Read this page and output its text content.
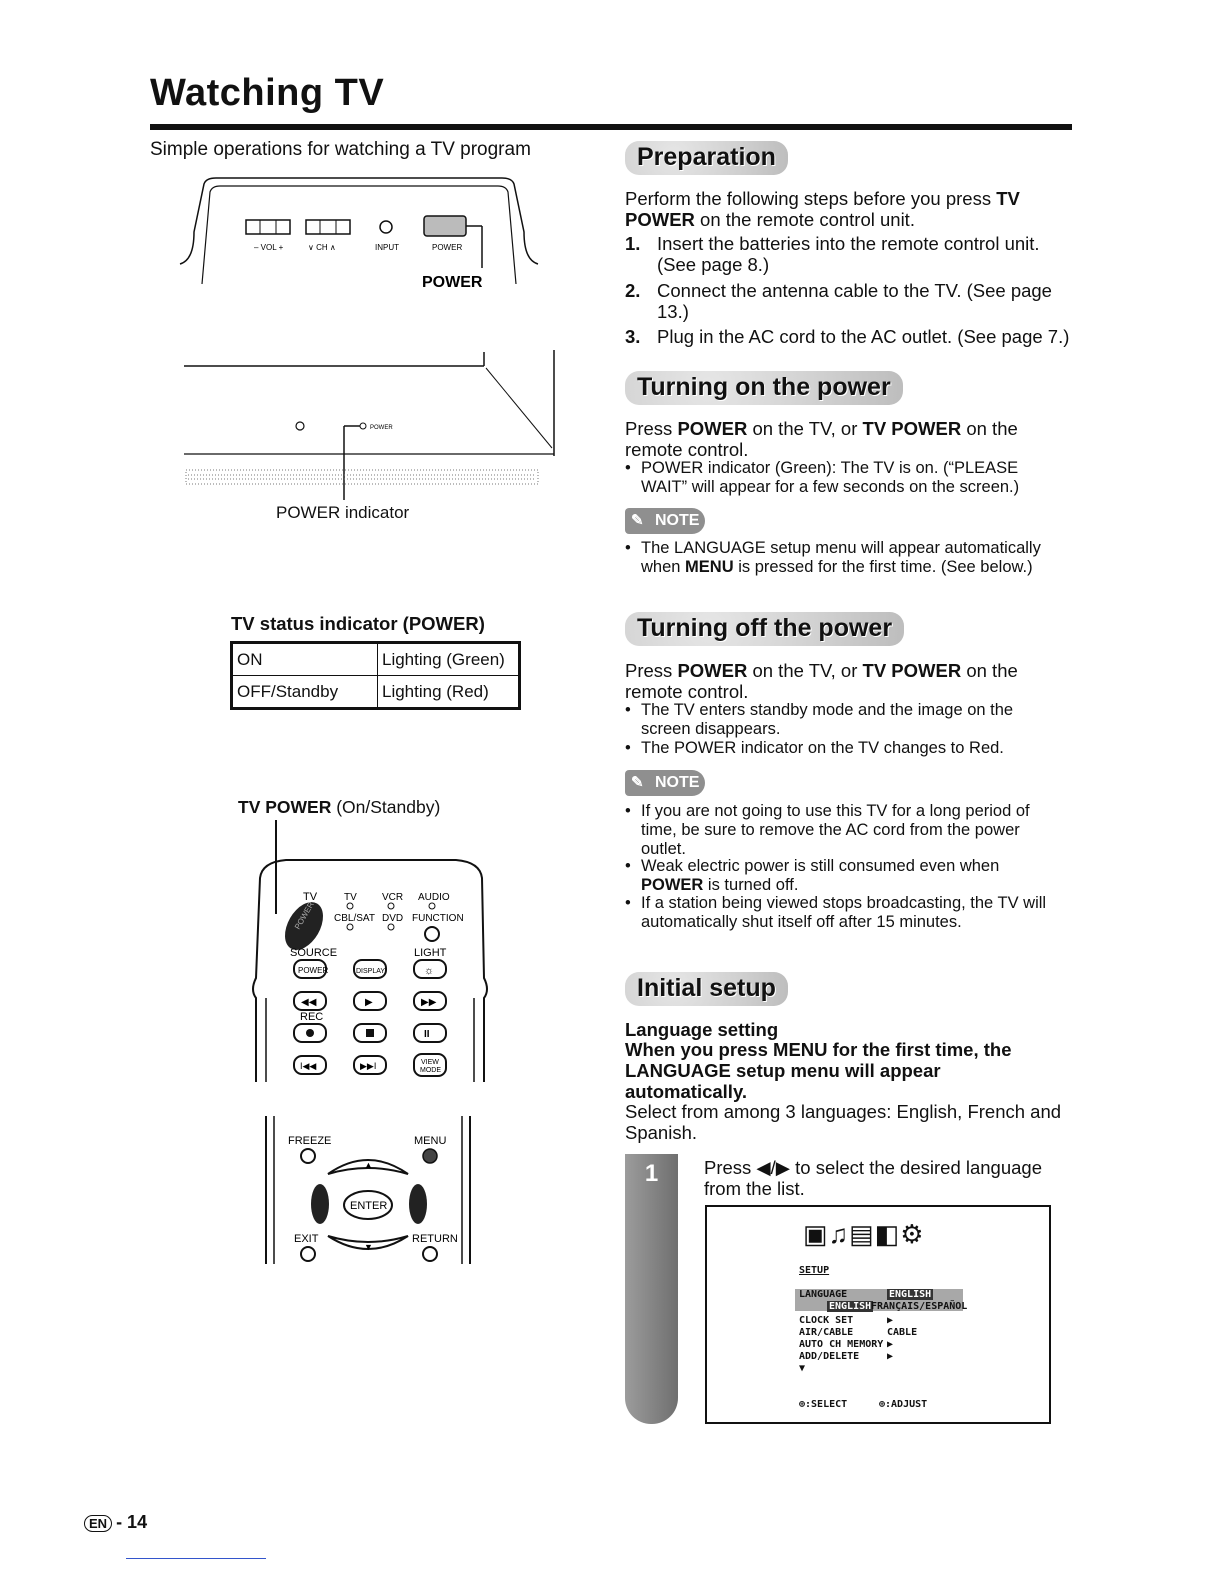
Watching TV
Simple operations for watching a TV program
– VOL +	∨ CH ∧	INPUT	POWER
POWER
POWER
POWER indicator
TV status indicator (POWER)
ON	Lighting (Green)
OFF/Standby	Lighting (Red)
TV POWER (On/Standby)
POWER
TV	TV	VCR AUDIO
CBL/SAT DVD FUNCTION
SOURCE	LIGHT
POWER	DISPLAY	☼
◀◀	▶	▶▶
REC
II
I◀◀	▶▶I	VIEW
MODE
FREEZE	MENU
▲
ENTER
▼
EXIT	RETURN
Preparation
Perform the following steps before you press TV
POWER on the remote control unit.
1. Insert the batteries into the remote control unit.
(See page 8.)
2. Connect the antenna cable to the TV. (See page
13.)
3. Plug in the AC cord to the AC outlet. (See page 7.)
Turning on the power
Press POWER on the TV, or TV POWER on the
remote control.
• POWER indicator (Green): The TV is on. (“PLEASE
WAIT” will appear for a few seconds on the screen.)
✎ NOTE
• The LANGUAGE setup menu will appear automatically
when MENU is pressed for the first time. (See below.)
Turning off the power
Press POWER on the TV, or TV POWER on the
remote control.
• The TV enters standby mode and the image on the
screen disappears.
• The POWER indicator on the TV changes to Red.
✎ NOTE
• If you are not going to use this TV for a long period of
time, be sure to remove the AC cord from the power
outlet.
• Weak electric power is still consumed even when
POWER is turned off.
• If a station being viewed stops broadcasting, the TV will
automatically shut itself off after 15 minutes.
Initial setup
Language setting
When you press MENU for the first time, the
LANGUAGE setup menu will appear
automatically.
Select from among 3 languages: English, French and
Spanish.
1	Press ◀/▶ to select the desired language
from the list.
▣♫▤◧⚙
SETUP
LANGUAGE	ENGLISH
ENGLISH FRANÇAIS/ESPAÑOL
CLOCK SET	▶
AIR/CABLE	CABLE
AUTO CH MEMORY ▶
ADD/DELETE	▶
▼
⊕:SELECT	⊕:ADJUST
EN - 14
